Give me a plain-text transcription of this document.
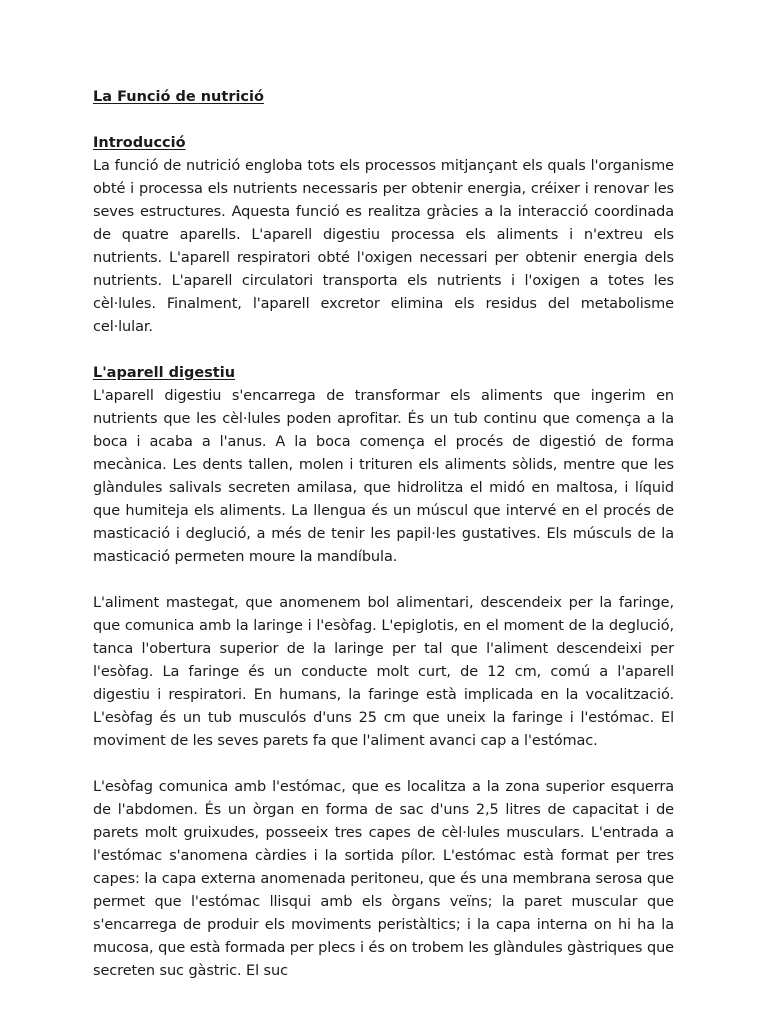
La Funció de nutrició
Introducció

La funció de nutrició engloba tots els processos mitjançant els quals l'organisme obté i processa els nutrients necessaris per obtenir energia, créixer i renovar les seves estructures. Aquesta funció es realitza gràcies a la interacció coordinada de quatre aparells. L'aparell digestiu processa els aliments i n'extreu els nutrients. L'aparell respiratori obté l'oxigen necessari per obtenir energia dels nutrients. L'aparell circulatori transporta els nutrients i l'oxigen a totes les cèl·lules. Finalment, l'aparell excretor elimina els residus del metabolisme cel·lular.

L'aparell digestiu

L'aparell digestiu s'encarrega de transformar els aliments que ingerim en nutrients que les cèl·lules poden aprofitar. És un tub continu que comença a la boca i acaba a l'anus. A la boca comença el procés de digestió de forma mecànica. Les dents tallen, molen i trituren els aliments sòlids, mentre que les glàndules salivals secreten amilasa, que hidrolitza el midó en maltosa, i líquid que humiteja els aliments. La llengua és un múscul que intervé en el procés de masticació i deglució, a més de tenir les papil·les gustatives. Els músculs de la masticació permeten moure la mandíbula.

L'aliment mastegat, que anomenem bol alimentari, descendeix per la faringe, que comunica amb la laringe i l'esòfag. L'epiglotis, en el moment de la deglució, tanca l'obertura superior de la laringe per tal que l'aliment descendeixi per l'esòfag. La faringe és un conducte molt curt, de 12 cm, comú a l'aparell digestiu i respiratori. En humans, la faringe està implicada en la vocalització. L'esòfag és un tub musculós d'uns 25 cm que uneix la faringe i l'estómac. El moviment de les seves parets fa que l'aliment avanci cap a l'estómac.

L'esòfag comunica amb l'estómac, que es localitza a la zona superior esquerra de l'abdomen. És un òrgan en forma de sac d'uns 2,5 litres de capacitat i de parets molt gruixudes, posseeix tres capes de cèl·lules musculars. L'entrada a l'estómac s'anomena càrdies i la sortida pílor. L'estómac està format per tres capes: la capa externa anomenada peritoneu, que és una membrana serosa que permet que l'estómac llisqui amb els òrgans veïns; la paret muscular que s'encarrega de produir els moviments peristàltics; i la capa interna on hi ha la mucosa, que està formada per plecs i és on trobem les glàndules gàstriques que secreten suc gàstric. El suc
